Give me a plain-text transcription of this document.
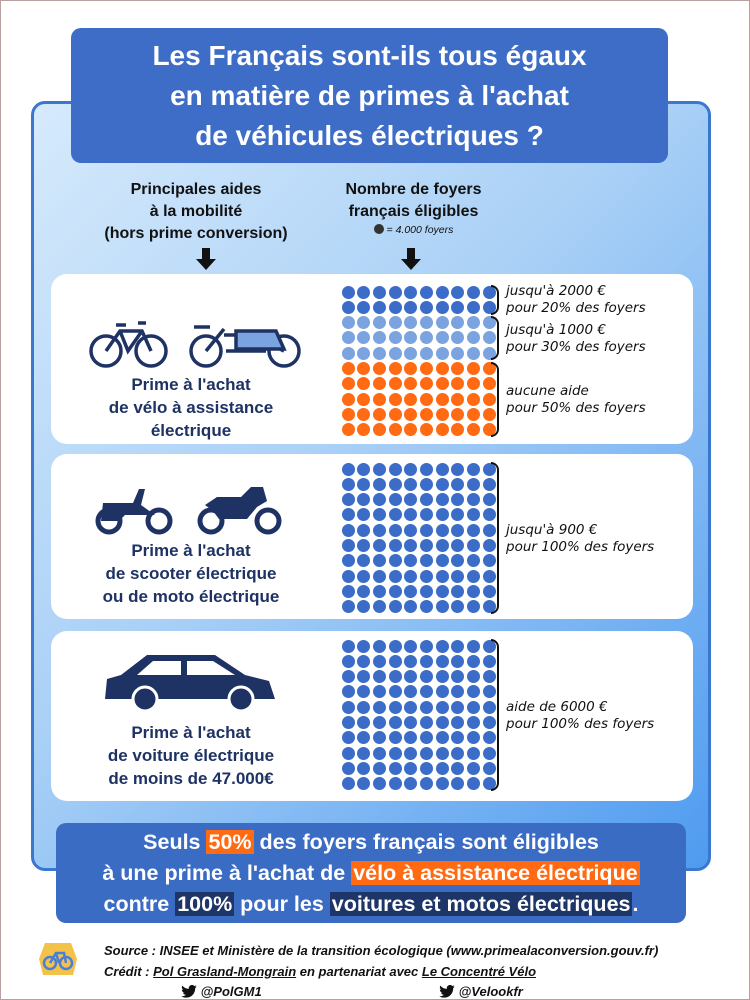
Les Français sont-ils tous égaux
en matière de primes à l'achat
de véhicules électriques ?
Principales aides
à la mobilité
(hors prime conversion)
Nombre de foyers
français éligibles
= 4.000 foyers
Prime à l'achat
de vélo à assistance
électrique
Prime à l'achat
de scooter électrique
ou de moto électrique
Prime à l'achat
de voiture électrique
de moins de 47.000€
jusqu'à 2000 €
pour 20% des foyers
jusqu'à 1000 €
pour 30% des foyers
aucune aide
pour 50% des foyers
jusqu'à 900 €
pour 100% des foyers
aide de 6000 €
pour 100% des foyers
Seuls 50% des foyers français sont éligibles
à une prime à l'achat de vélo à assistance électrique
contre 100% pour les voitures et motos électriques.
Source : INSEE et Ministère de la transition écologique (www.primealaconversion.gouv.fr)
Crédit : Pol Grasland-Mongrain en partenariat avec Le Concentré Vélo
@PolGM1	@Velookfr
